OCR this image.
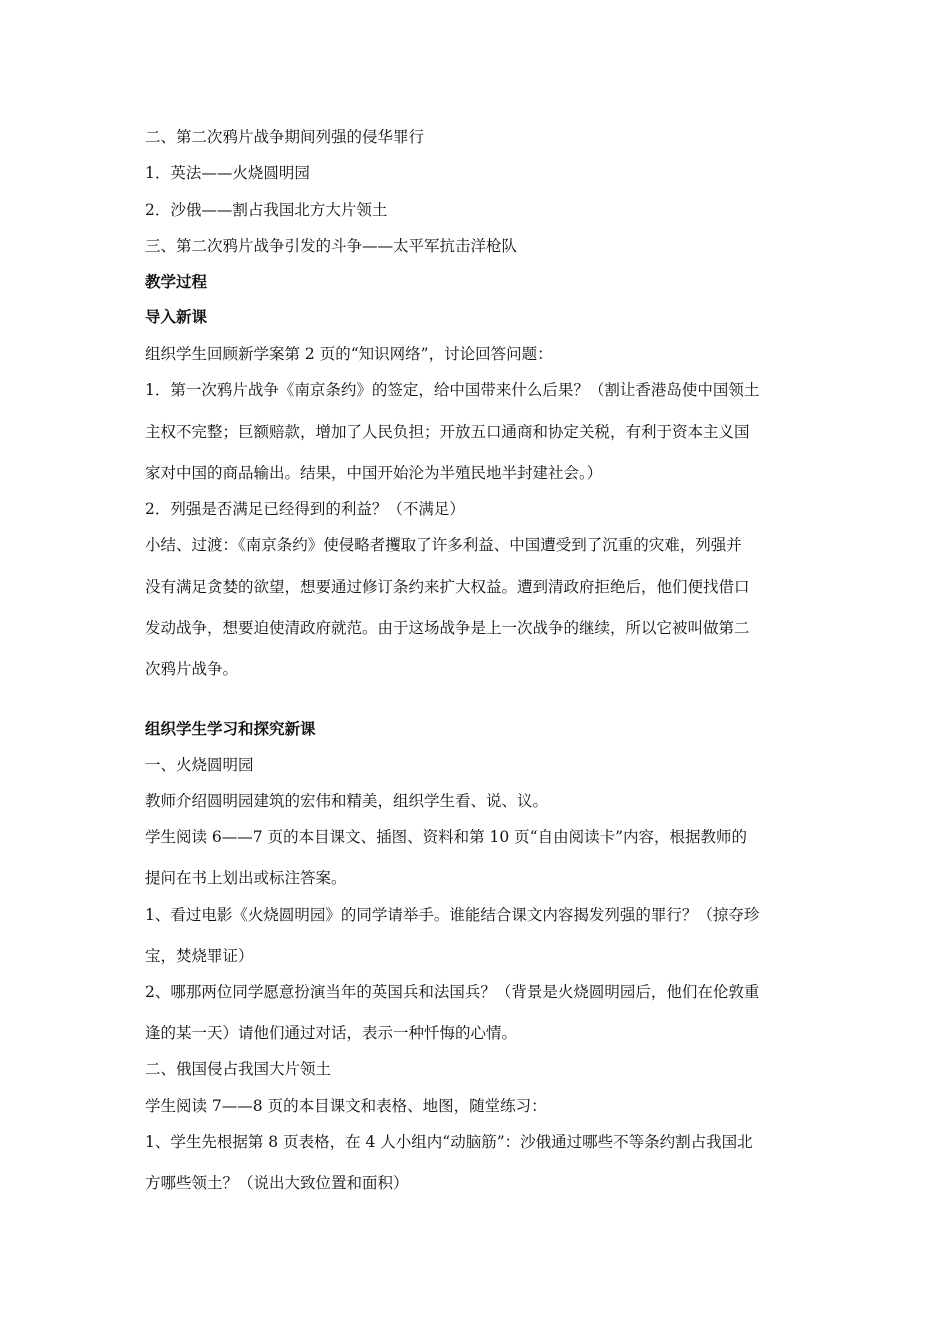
二、第二次鸦片战争期间列强的侵华罪行
1．英法——火烧圆明园
2．沙俄——割占我国北方大片领土
三、第二次鸦片战争引发的斗争——太平军抗击洋枪队
教学过程
导入新课
组织学生回顾新学案第 2 页的“知识网络”，讨论回答问题：
1．第一次鸦片战争《南京条约》的签定，给中国带来什么后果？（割让香港岛使中国领土
主权不完整；巨额赔款，增加了人民负担；开放五口通商和协定关税，有利于资本主义国
家对中国的商品输出。结果，中国开始沦为半殖民地半封建社会。）
2．列强是否满足已经得到的利益？（不满足）
小结、过渡：《南京条约》使侵略者攫取了许多利益、中国遭受到了沉重的灾难，列强并
没有满足贪婪的欲望，想要通过修订条约来扩大权益。遭到清政府拒绝后，他们便找借口
发动战争，想要迫使清政府就范。由于这场战争是上一次战争的继续，所以它被叫做第二
次鸦片战争。
组织学生学习和探究新课
一、火烧圆明园
教师介绍圆明园建筑的宏伟和精美，组织学生看、说、议。
学生阅读 6——7 页的本目课文、插图、资料和第 10 页“自由阅读卡”内容，根据教师的
提问在书上划出或标注答案。
1、看过电影《火烧圆明园》的同学请举手。谁能结合课文内容揭发列强的罪行？（掠夺珍
宝，焚烧罪证）
2、哪那两位同学愿意扮演当年的英国兵和法国兵？（背景是火烧圆明园后，他们在伦敦重
逢的某一天）请他们通过对话，表示一种忏悔的心情。
二、俄国侵占我国大片领土
学生阅读 7——8 页的本目课文和表格、地图，随堂练习：
1、学生先根据第 8 页表格，在 4 人小组内“动脑筋”：沙俄通过哪些不等条约割占我国北
方哪些领土？（说出大致位置和面积）
